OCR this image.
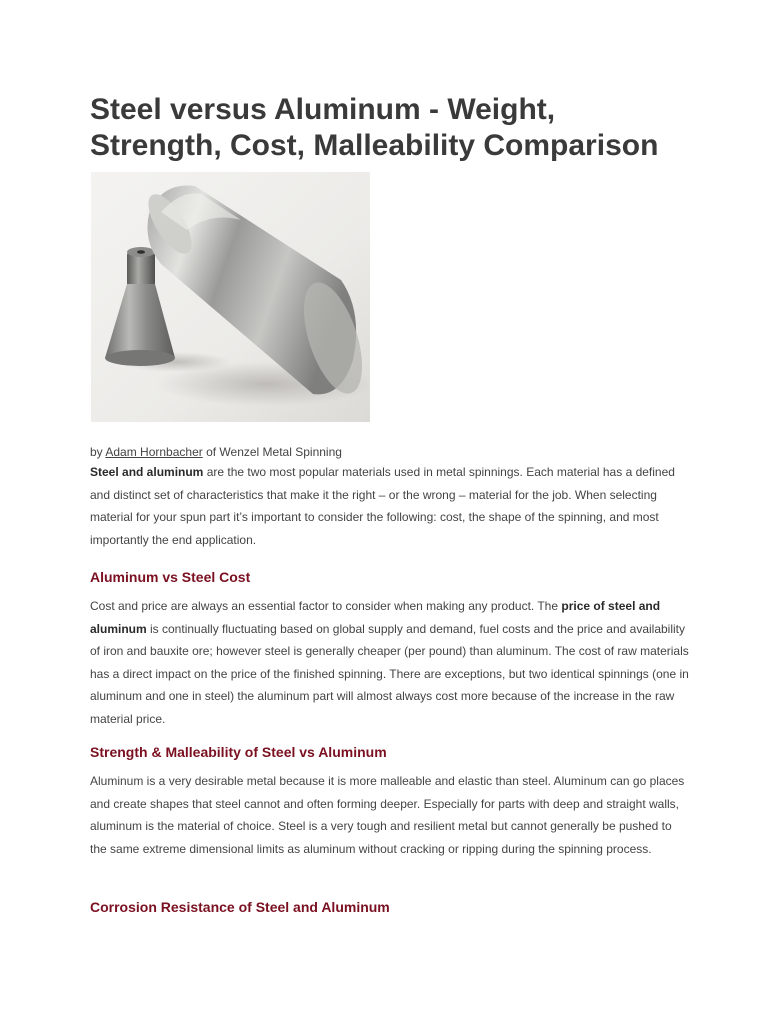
Steel versus Aluminum - Weight, Strength, Cost, Malleability Comparison
by Adam Hornbacher of Wenzel Metal Spinning

Steel and aluminum are the two most popular materials used in metal spinnings. Each material has a defined and distinct set of characteristics that make it the right – or the wrong – material for the job. When selecting material for your spun part it’s important to consider the following: cost, the shape of the spinning, and most importantly the end application.

Aluminum vs Steel Cost

Cost and price are always an essential factor to consider when making any product. The price of steel and aluminum is continually fluctuating based on global supply and demand, fuel costs and the price and availability of iron and bauxite ore; however steel is generally cheaper (per pound) than aluminum. The cost of raw materials has a direct impact on the price of the finished spinning. There are exceptions, but two identical spinnings (one in aluminum and one in steel) the aluminum part will almost always cost more because of the increase in the raw material price.

Strength & Malleability of Steel vs Aluminum

Aluminum is a very desirable metal because it is more malleable and elastic than steel. Aluminum can go places and create shapes that steel cannot and often forming deeper. Especially for parts with deep and straight walls, aluminum is the material of choice. Steel is a very tough and resilient metal but cannot generally be pushed to the same extreme dimensional limits as aluminum without cracking or ripping during the spinning process.

Corrosion Resistance of Steel and Aluminum
